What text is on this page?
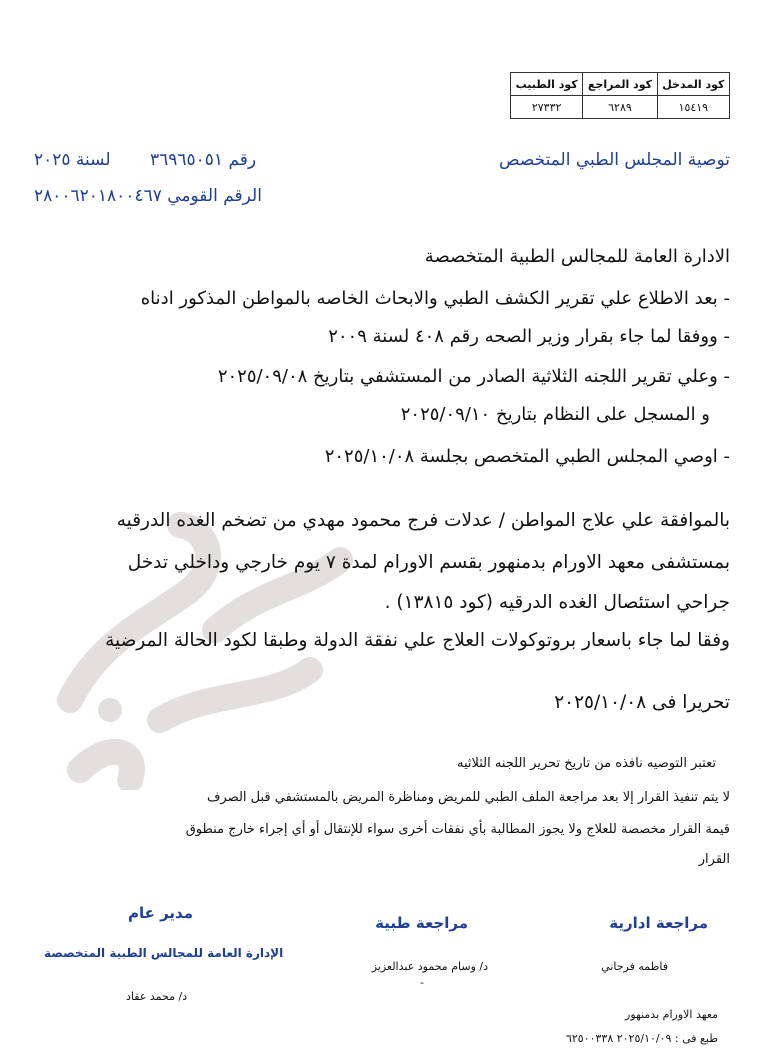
كود المدخل	كود المراجع	كود الطبيب
١٥٤١٩	٦٢٨٩	٢٧٣٣٢
توصية المجلس الطبي المتخصص
رقم ٣٦٩٦٥٠٥١
لسنة ٢٠٢٥
الرقم القومي ٢٨٠٠٦٢٠١٨٠٠٤٦٧
الادارة العامة للمجالس الطبية المتخصصة
- بعد الاطلاع علي تقرير الكشف الطبي والابحاث الخاصه بالمواطن المذكور ادناه
- ووفقا لما جاء بقرار وزير الصحه رقم ٤٠٨ لسنة ٢٠٠٩
- وعلي تقرير اللجنه الثلاثية الصادر من المستشفي بتاريخ ٢٠٢٥/٠٩/٠٨
و المسجل على النظام بتاريخ ٢٠٢٥/٠٩/١٠
- اوصي المجلس الطبي المتخصص بجلسة ٢٠٢٥/١٠/٠٨
بالموافقة علي علاج المواطن / عدلات فرج محمود مهدي من تضخم الغده الدرقيه
بمستشفى معهد الاورام بدمنهور بقسم الاورام لمدة ٧ يوم خارجي وداخلي تدخل
جراحي استئصال الغده الدرقيه (كود ١٣٨١٥) .
وفقا لما جاء باسعار بروتوكولات العلاج علي نفقة الدولة وطبقا لكود الحالة المرضية
تحريرا فى ٢٠٢٥/١٠/٠٨
تعتبر التوصيه نافذه من تاريخ تحرير اللجنه الثلاثيه
لا يتم تنفيذ القرار إلا بعد مراجعة الملف الطبي للمريض ومناظرة المريض بالمستشفي قبل الصرف
قيمة القرار مخصصة للعلاج ولا يجوز المطالبة بأي نفقات أخرى سواء للإنتقال أو أي إجراء خارج منطوق
القرار
مراجعة ادارية
فاطمه فرجاني
مراجعة طبية
د/ وسام محمود عبدالعزيز
-
مدير عام
الإدارة العامة للمجالس الطبية المتخصصة
د/ محمد عقاد
معهد الاورام بدمنهور
طبع فى : ٢٠٢٥/١٠/٠٩ ٦٢٥٠٠٣٣٨
